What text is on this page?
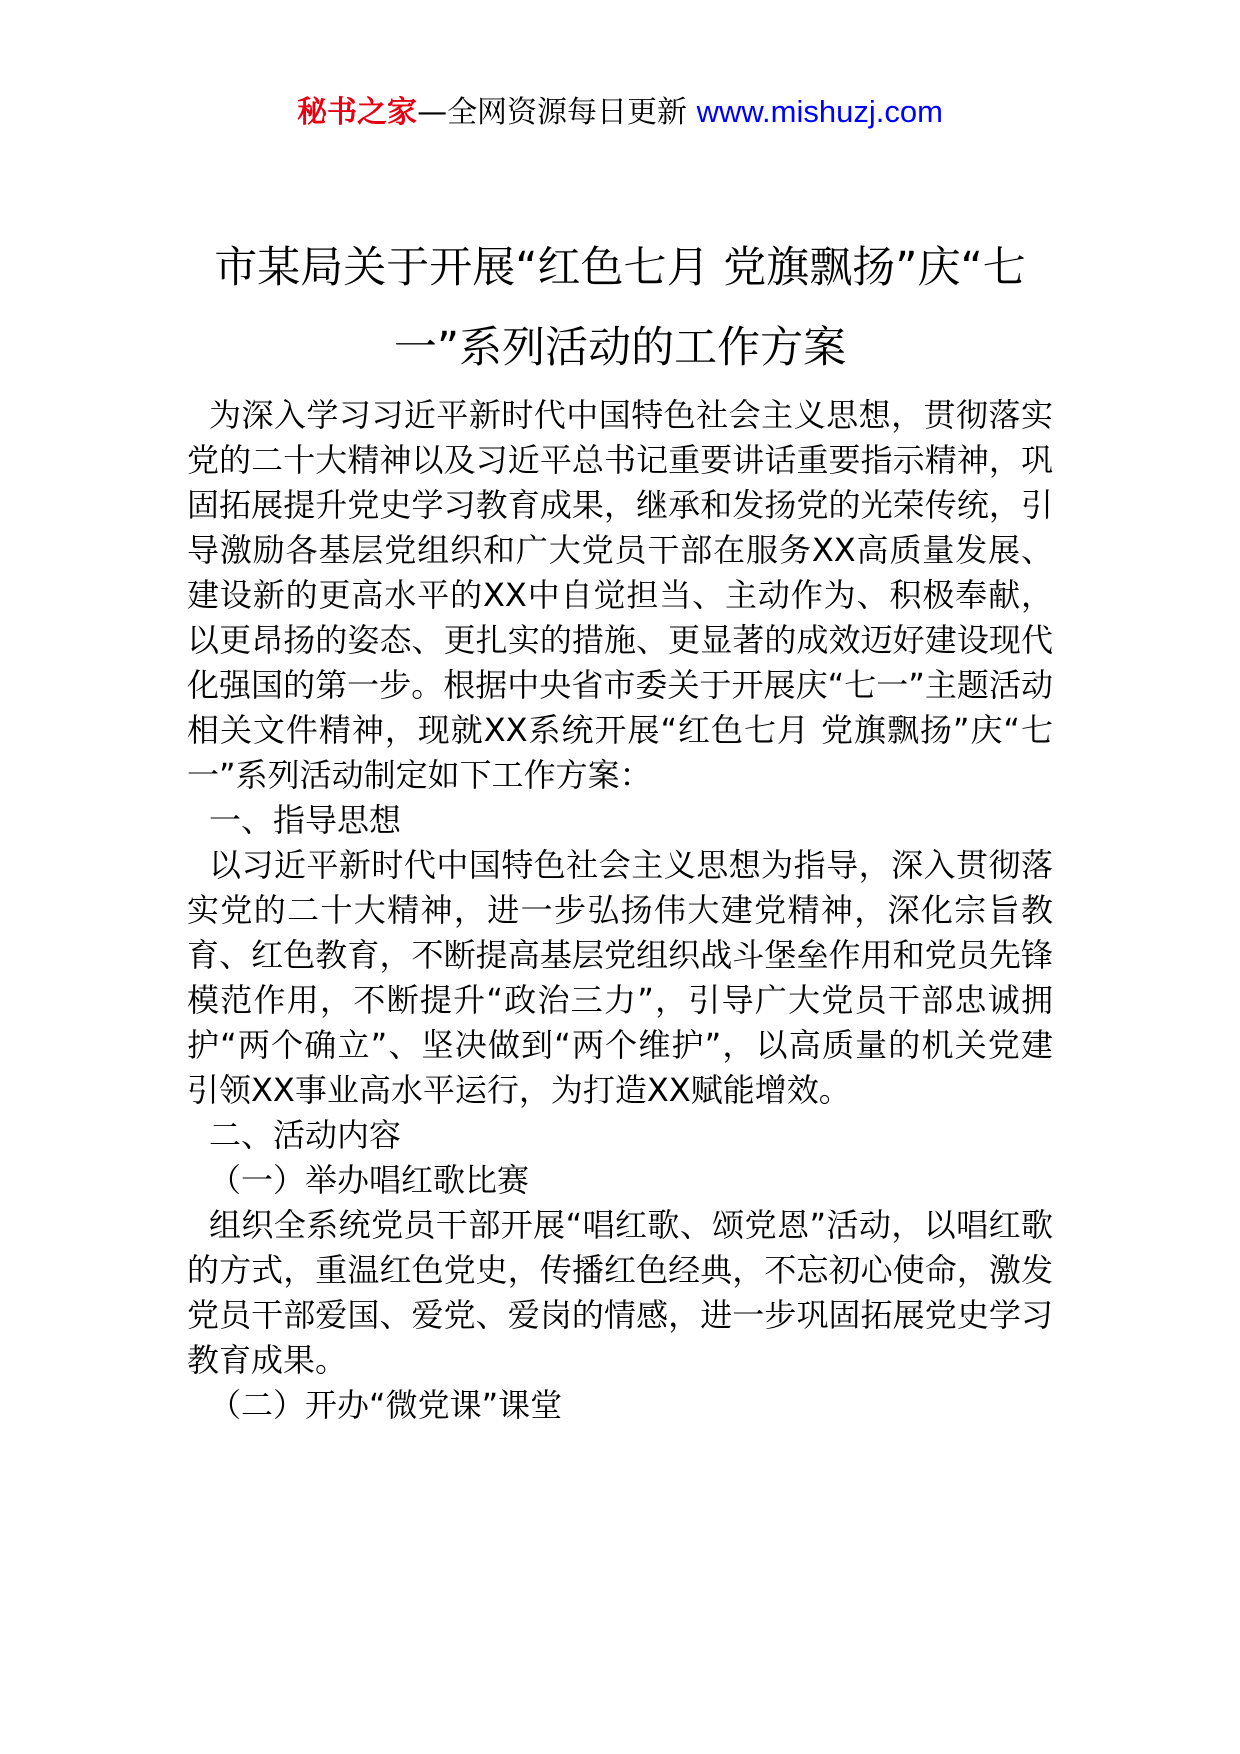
秘书之家—全网资源每日更新 www.mishuzj.com
市某局关于开展“红色七月 党旗飘扬”庆“七
一”系列活动的工作方案

为深入学习习近平新时代中国特色社会主义思想，贯彻落实党的二十大精神以及习近平总书记重要讲话重要指示精神，巩固拓展提升党史学习教育成果，继承和发扬党的光荣传统，引导激励各基层党组织和广大党员干部在服务XX高质量发展、建设新的更高水平的XX中自觉担当、主动作为、积极奉献，以更昂扬的姿态、更扎实的措施、更显著的成效迈好建设现代化强国的第一步。根据中央省市委关于开展庆“七一”主题活动相关文件精神，现就XX系统开展“红色七月 党旗飘扬”庆“七一”系列活动制定如下工作方案：

一、指导思想

以习近平新时代中国特色社会主义思想为指导，深入贯彻落实党的二十大精神，进一步弘扬伟大建党精神，深化宗旨教育、红色教育，不断提高基层党组织战斗堡垒作用和党员先锋模范作用，不断提升“政治三力”，引导广大党员干部忠诚拥护“两个确立”、坚决做到“两个维护”，以高质量的机关党建引领XX事业高水平运行，为打造XX赋能增效。

二、活动内容

（一）举办唱红歌比赛

组织全系统党员干部开展“唱红歌、颂党恩”活动，以唱红歌的方式，重温红色党史，传播红色经典，不忘初心使命，激发党员干部爱国、爱党、爱岗的情感，进一步巩固拓展党史学习教育成果。

（二）开办“微党课”课堂
